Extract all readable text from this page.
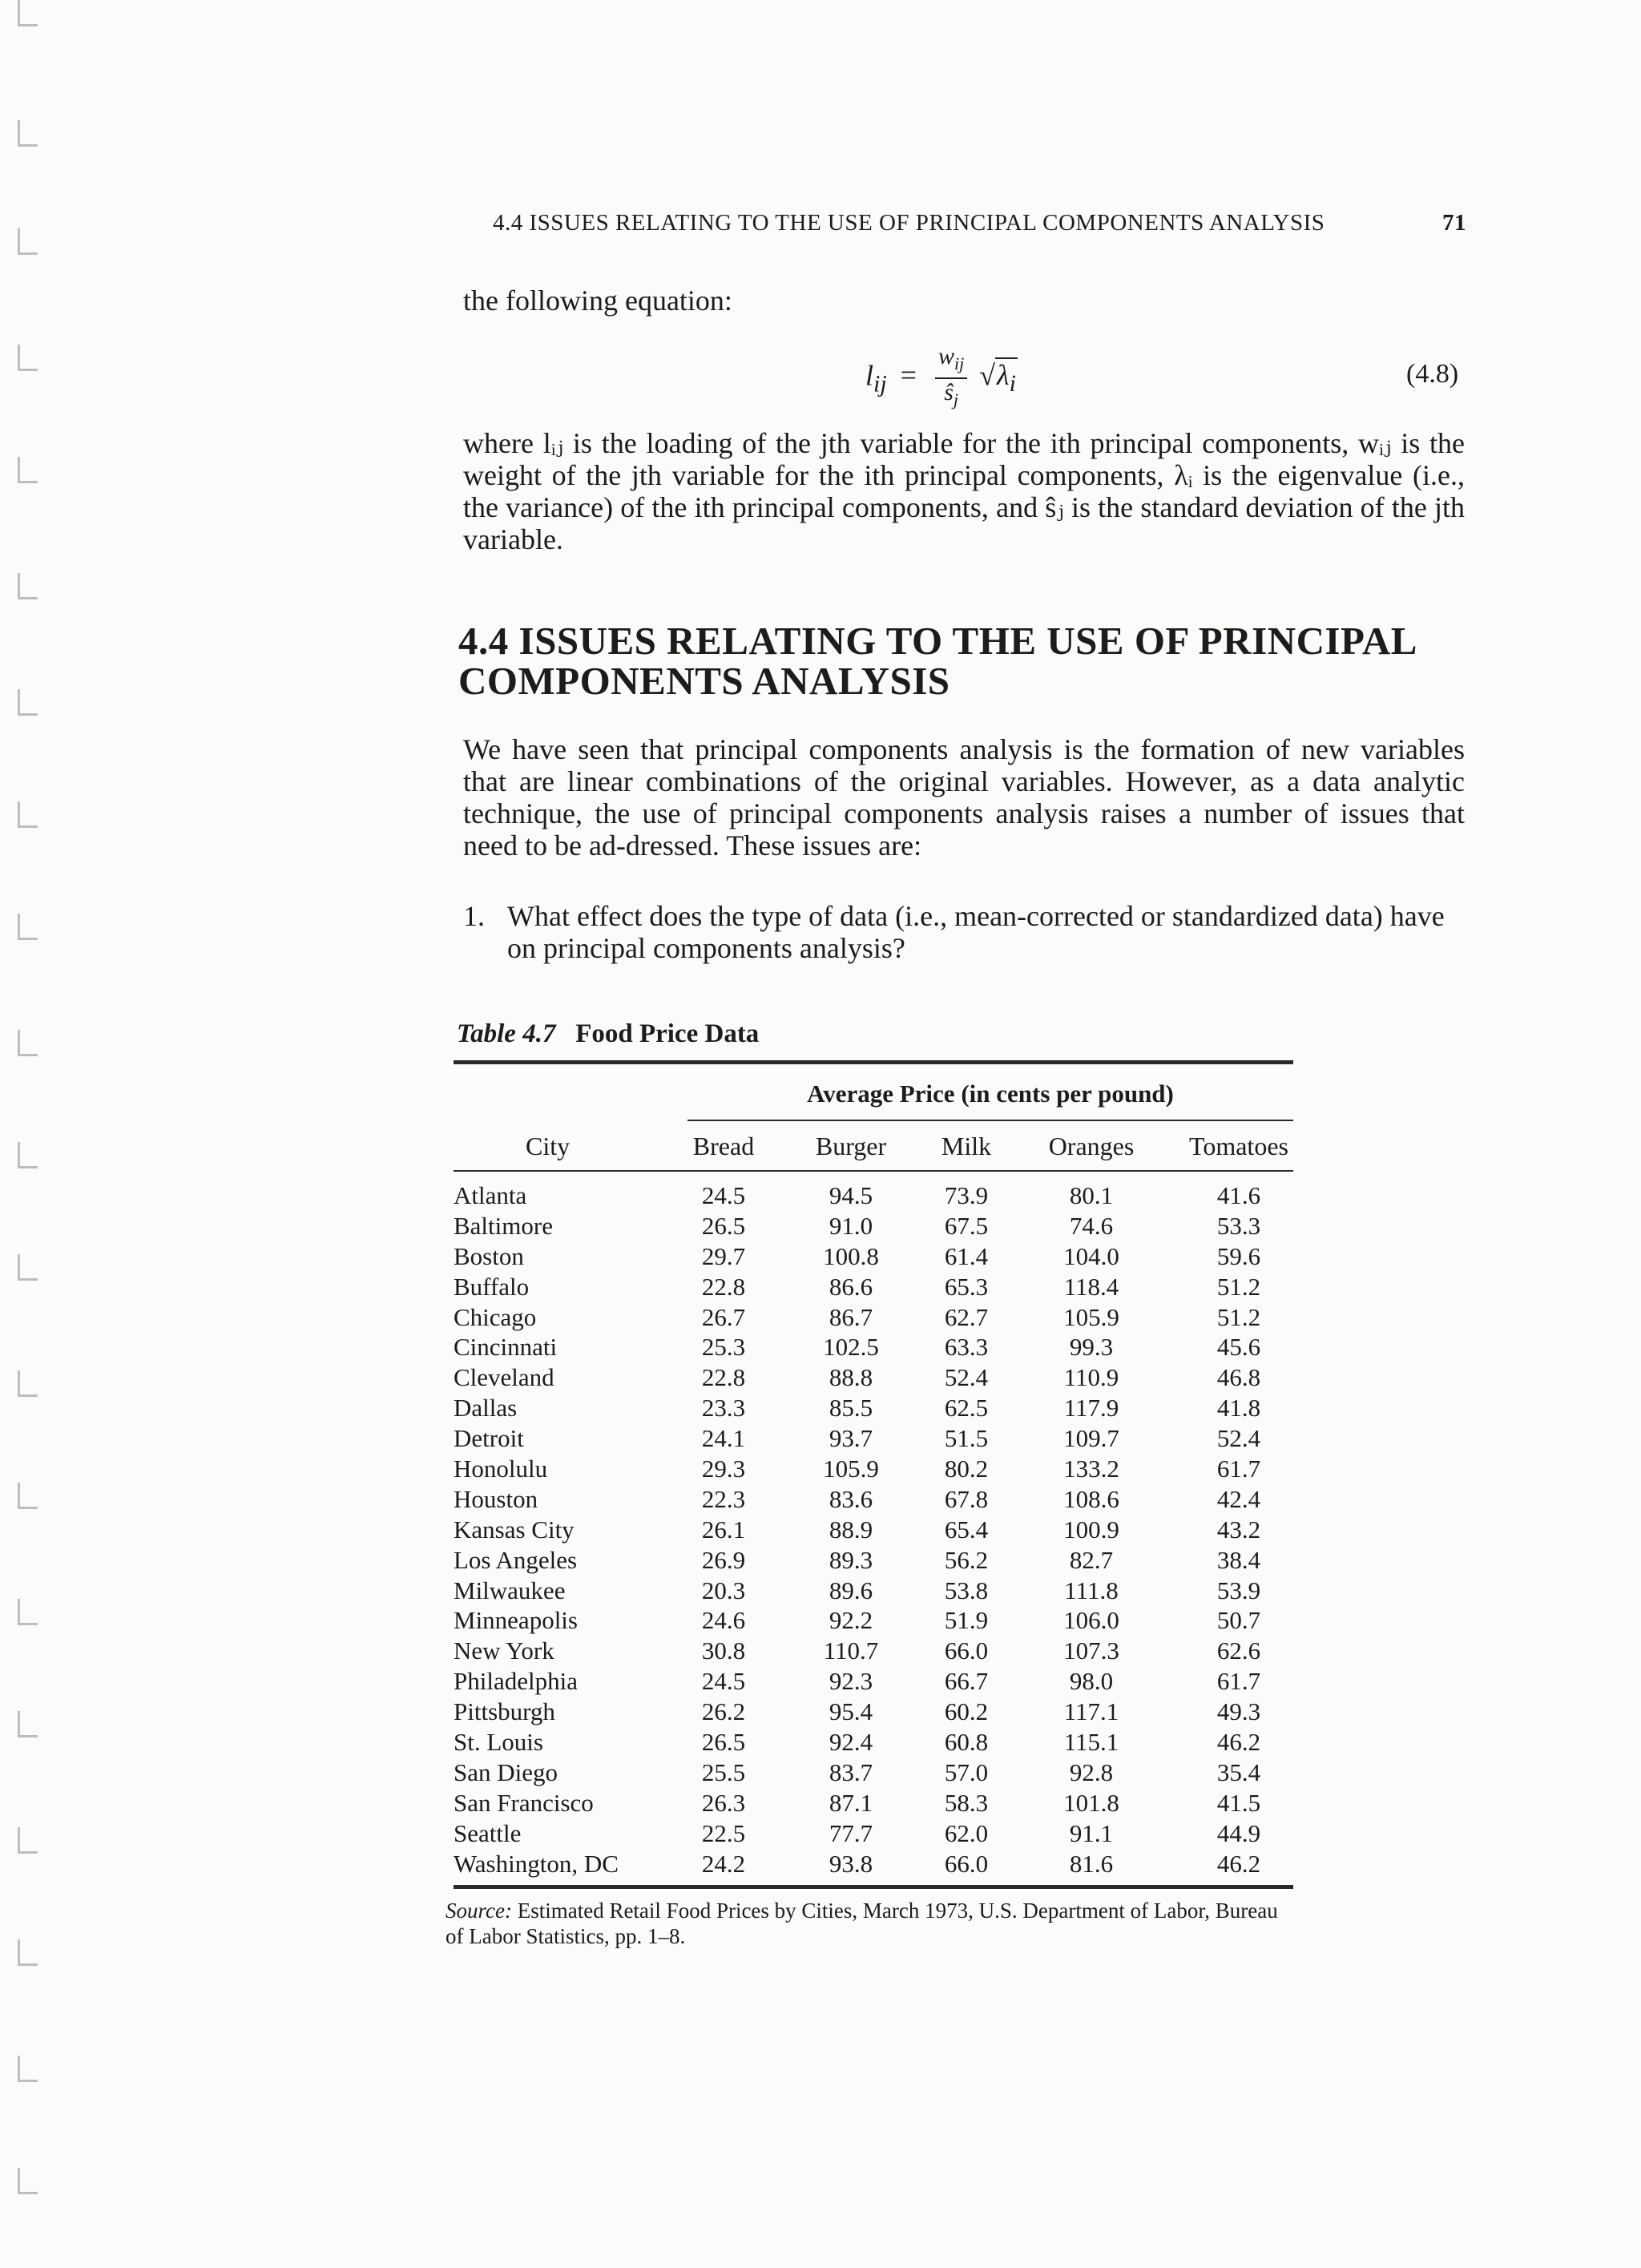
4.4 ISSUES RELATING TO THE USE OF PRINCIPAL COMPONENTS ANALYSIS	71
the following equation:
$l_{ij} = \frac{w_{ij}}{ŝ_j} √\lambda_i$	(4.8)
where lᵢⱼ is the loading of the jth variable for the ith principal components, wᵢⱼ is the weight of the jth variable for the ith principal components, λᵢ is the eigenvalue (i.e., the variance) of the ith principal components, and ŝⱼ is the standard deviation of the jth variable.
4.4 ISSUES RELATING TO THE USE OF PRINCIPAL COMPONENTS ANALYSIS
We have seen that principal components analysis is the formation of new variables that are linear combinations of the original variables. However, as a data analytic technique, the use of principal components analysis raises a number of issues that need to be ad-dressed. These issues are:
1. What effect does the type of data (i.e., mean-corrected or standardized data) have on principal components analysis?
Table 4.7 Food Price Data
Average Price (in cents per pound)
City	Bread	Burger	Milk	Oranges	Tomatoes
Atlanta	24.5	94.5	73.9	80.1	41.6
Baltimore	26.5	91.0	67.5	74.6	53.3
Boston	29.7	100.8	61.4	104.0	59.6
Buffalo	22.8	86.6	65.3	118.4	51.2
Chicago	26.7	86.7	62.7	105.9	51.2
Cincinnati	25.3	102.5	63.3	99.3	45.6
Cleveland	22.8	88.8	52.4	110.9	46.8
Dallas	23.3	85.5	62.5	117.9	41.8
Detroit	24.1	93.7	51.5	109.7	52.4
Honolulu	29.3	105.9	80.2	133.2	61.7
Houston	22.3	83.6	67.8	108.6	42.4
Kansas City	26.1	88.9	65.4	100.9	43.2
Los Angeles	26.9	89.3	56.2	82.7	38.4
Milwaukee	20.3	89.6	53.8	111.8	53.9
Minneapolis	24.6	92.2	51.9	106.0	50.7
New York	30.8	110.7	66.0	107.3	62.6
Philadelphia	24.5	92.3	66.7	98.0	61.7
Pittsburgh	26.2	95.4	60.2	117.1	49.3
St. Louis	26.5	92.4	60.8	115.1	46.2
San Diego	25.5	83.7	57.0	92.8	35.4
San Francisco	26.3	87.1	58.3	101.8	41.5
Seattle	22.5	77.7	62.0	91.1	44.9
Washington, DC	24.2	93.8	66.0	81.6	46.2
Source: Estimated Retail Food Prices by Cities, March 1973, U.S. Department of Labor, Bureau of Labor Statistics, pp. 1–8.
